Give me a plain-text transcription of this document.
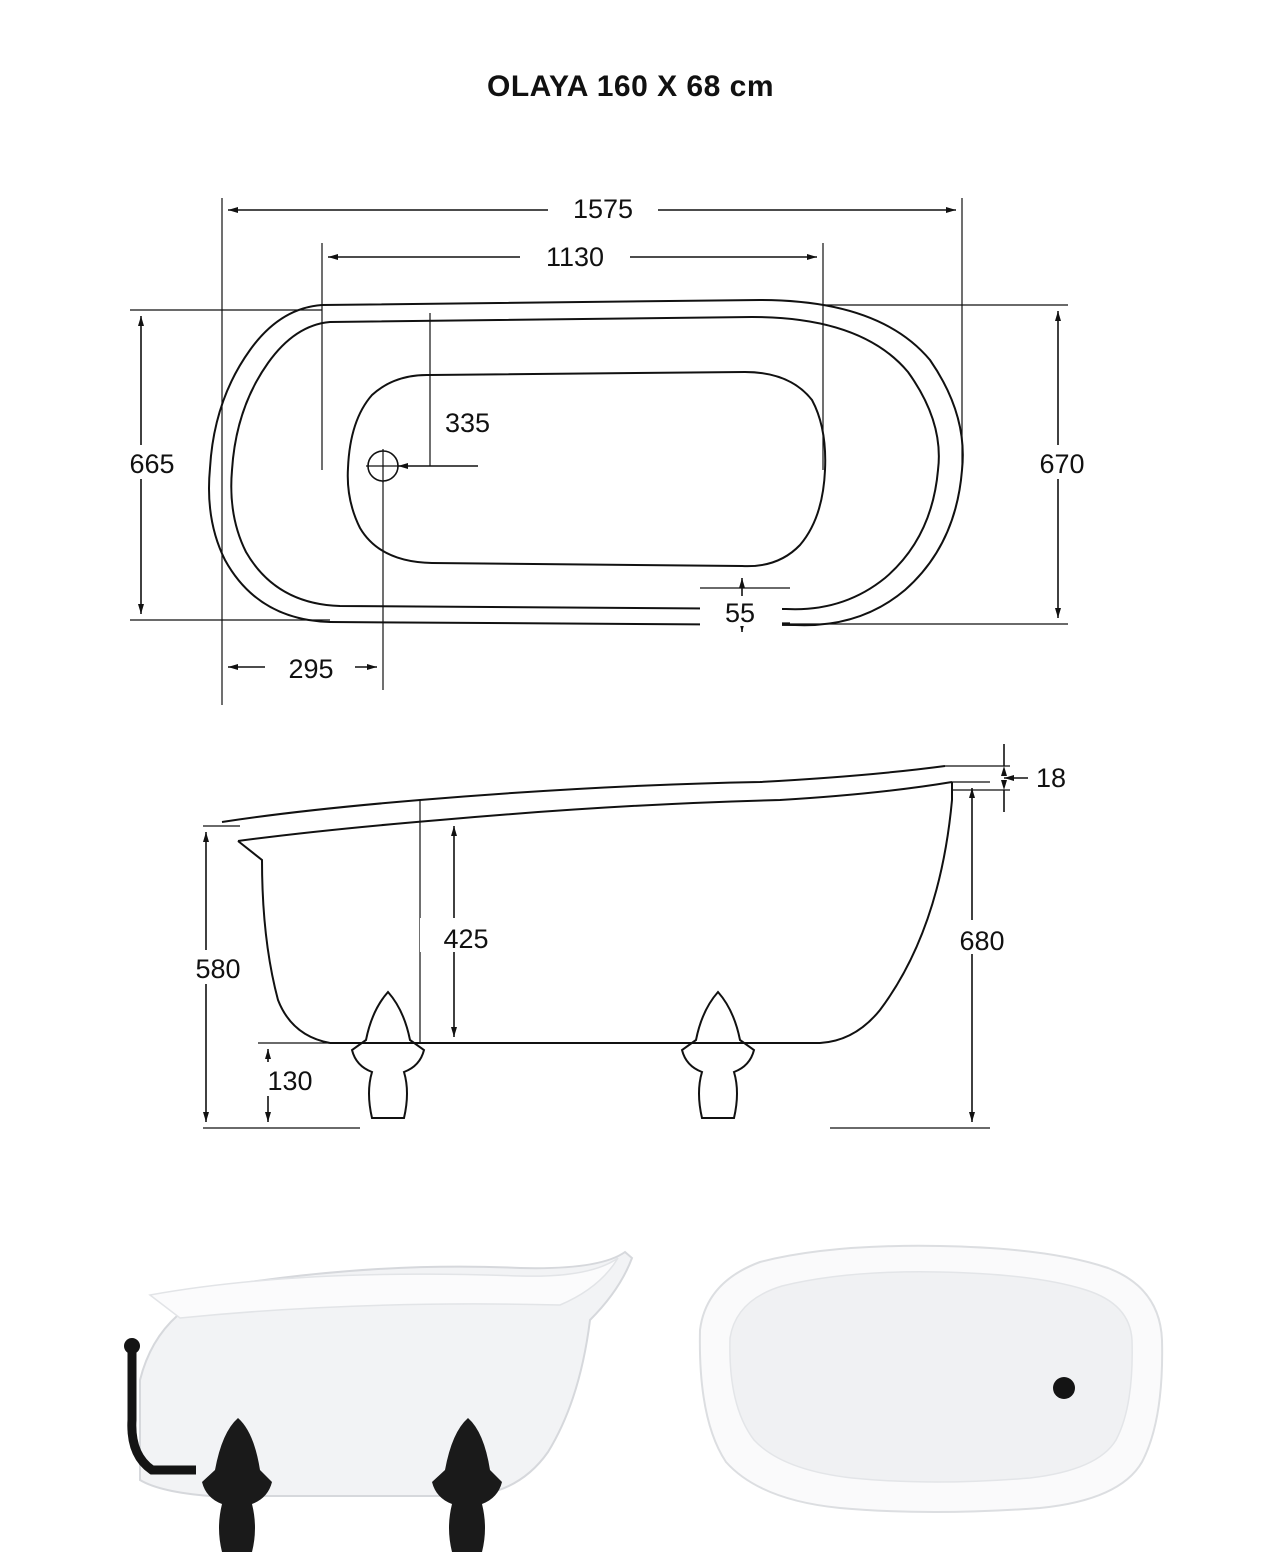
OLAYA 160 X 68 cm
1575
1130
665	670
335
55
295
18
580
425	680
130
